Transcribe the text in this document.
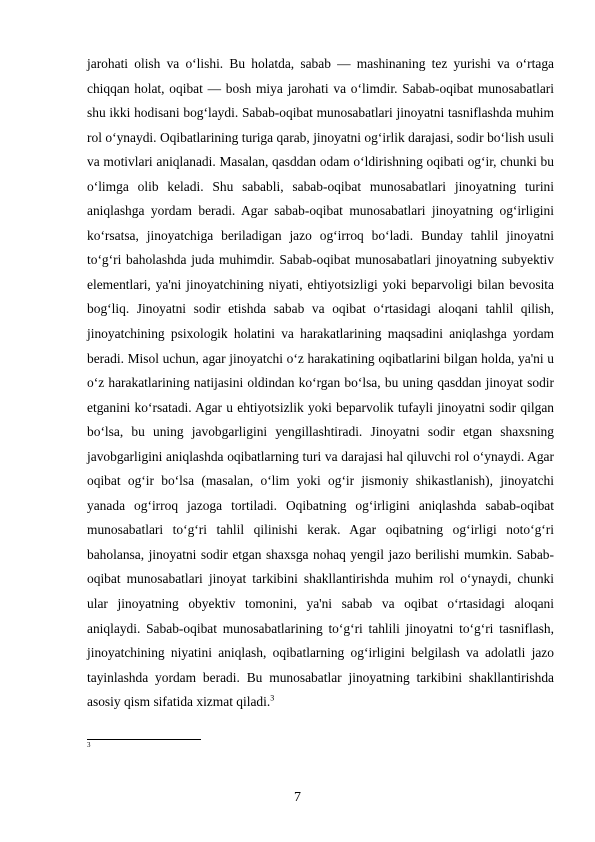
jarohati olish va o‘lishi. Bu holatda, sabab — mashinaning tez yurishi va o‘rtaga chiqqan holat, oqibat — bosh miya jarohati va o‘limdir. Sabab-oqibat munosabatlari shu ikki hodisani bog‘laydi. Sabab-oqibat munosabatlari jinoyatni tasniflashda muhim rol o‘ynaydi. Oqibatlarining turiga qarab, jinoyatni og‘irlik darajasi, sodir bo‘lish usuli va motivlari aniqlanadi. Masalan, qasddan odam o‘ldirishning oqibati og‘ir, chunki bu o‘limga olib keladi. Shu sababli, sabab-oqibat munosabatlari jinoyatning turini aniqlashga yordam beradi. Agar sabab-oqibat munosabatlari jinoyatning og‘irligini ko‘rsatsa, jinoyatchiga beriladigan jazo og‘irroq bo‘ladi. Bunday tahlil jinoyatni to‘g‘ri baholashda juda muhimdir. Sabab-oqibat munosabatlari jinoyatning subyektiv elementlari, ya'ni jinoyatchining niyati, ehtiyotsizligi yoki beparvoligi bilan bevosita bog‘liq. Jinoyatni sodir etishda sabab va oqibat o‘rtasidagi aloqani tahlil qilish, jinoyatchining psixologik holatini va harakatlarining maqsadini aniqlashga yordam beradi. Misol uchun, agar jinoyatchi o‘z harakatining oqibatlarini bilgan holda, ya'ni u o‘z harakatlarining natijasini oldindan ko‘rgan bo‘lsa, bu uning qasddan jinoyat sodir etganini ko‘rsatadi. Agar u ehtiyotsizlik yoki beparvolik tufayli jinoyatni sodir qilgan bo‘lsa, bu uning javobgarligini yengillashtiradi. Jinoyatni sodir etgan shaxsning javobgarligini aniqlashda oqibatlarning turi va darajasi hal qiluvchi rol o‘ynaydi. Agar oqibat og‘ir bo‘lsa (masalan, o‘lim yoki og‘ir jismoniy shikastlanish), jinoyatchi yanada og‘irroq jazoga tortiladi. Oqibatning og‘irligini aniqlashda sabab-oqibat munosabatlari to‘g‘ri tahlil qilinishi kerak. Agar oqibatning og‘irligi noto‘g‘ri baholansa, jinoyatni sodir etgan shaxsga nohaq yengil jazo berilishi mumkin. Sabab-oqibat munosabatlari jinoyat tarkibini shakllantirishda muhim rol o‘ynaydi, chunki ular jinoyatning obyektiv tomonini, ya'ni sabab va oqibat o‘rtasidagi aloqani aniqlaydi. Sabab-oqibat munosabatlarining to‘g‘ri tahlili jinoyatni to‘g‘ri tasniflash, jinoyatchining niyatini aniqlash, oqibatlarning og‘irligini belgilash va adolatli jazo tayinlashda yordam beradi. Bu munosabatlar jinoyatning tarkibini shakllantirishda asosiy qism sifatida xizmat qiladi.$^3$

3
7
